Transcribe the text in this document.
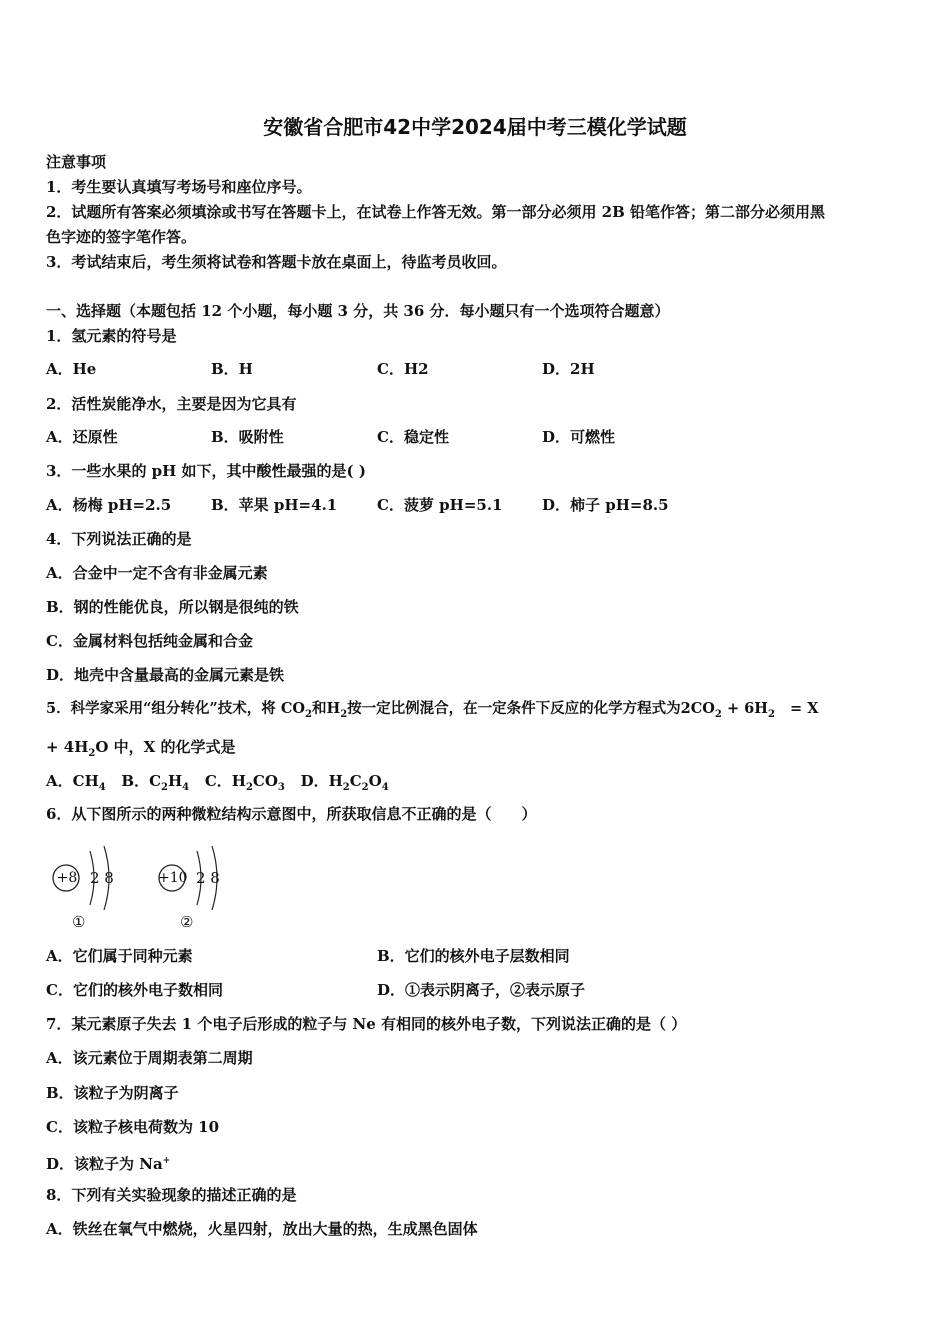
安徽省合肥市42中学2024届中考三模化学试题
注意事项
1．考生要认真填写考场号和座位序号。
2．试题所有答案必须填涂或书写在答题卡上，在试卷上作答无效。第一部分必须用 2B 铅笔作答；第二部分必须用黑
色字迹的签字笔作答。
3．考试结束后，考生须将试卷和答题卡放在桌面上，待监考员收回。
一、选择题（本题包括 12 个小题，每小题 3 分，共 36 分．每小题只有一个选项符合题意）
1．氢元素的符号是
A．He	B．H	C．H2	D．2H
2．活性炭能净水，主要是因为它具有
A．还原性	B．吸附性	C．稳定性	D．可燃性
3．一些水果的 pH 如下，其中酸性最强的是( )
A．杨梅 pH=2.5	B．苹果 pH=4.1	C．菠萝 pH=5.1	D．柿子 pH=8.5
4．下列说法正确的是
A．合金中一定不含有非金属元素
B．钢的性能优良，所以钢是很纯的铁
C．金属材料包括纯金属和合金
D．地壳中含量最高的金属元素是铁
5．科学家采用“组分转化”技术，将 $CO_2$和$H_2$按一定比例混合，在一定条件下反应的化学方程式为$2CO_2 + 6H_2 = X$
+ $4H_2O$ 中，X 的化学式是
A．$CH_4$ B．$C_2H_4$ C．$H_2CO_3$ D．$H_2C_2O_4$
6．从下图所示的两种微粒结构示意图中，所获取信息不正确的是（　　）
+8 2 8
①
+10 2 8
②
A．它们属于同种元素	B．它们的核外电子层数相同
C．它们的核外电子数相同	D．①表示阴离子，②表示原子
7．某元素原子失去 1 个电子后形成的粒子与 Ne 有相同的核外电子数，下列说法正确的是（ ）
A．该元素位于周期表第二周期
B．该粒子为阴离子
C．该粒子核电荷数为 10
D．该粒子为 Na+
8．下列有关实验现象的描述正确的是
A．铁丝在氧气中燃烧，火星四射，放出大量的热，生成黑色固体
